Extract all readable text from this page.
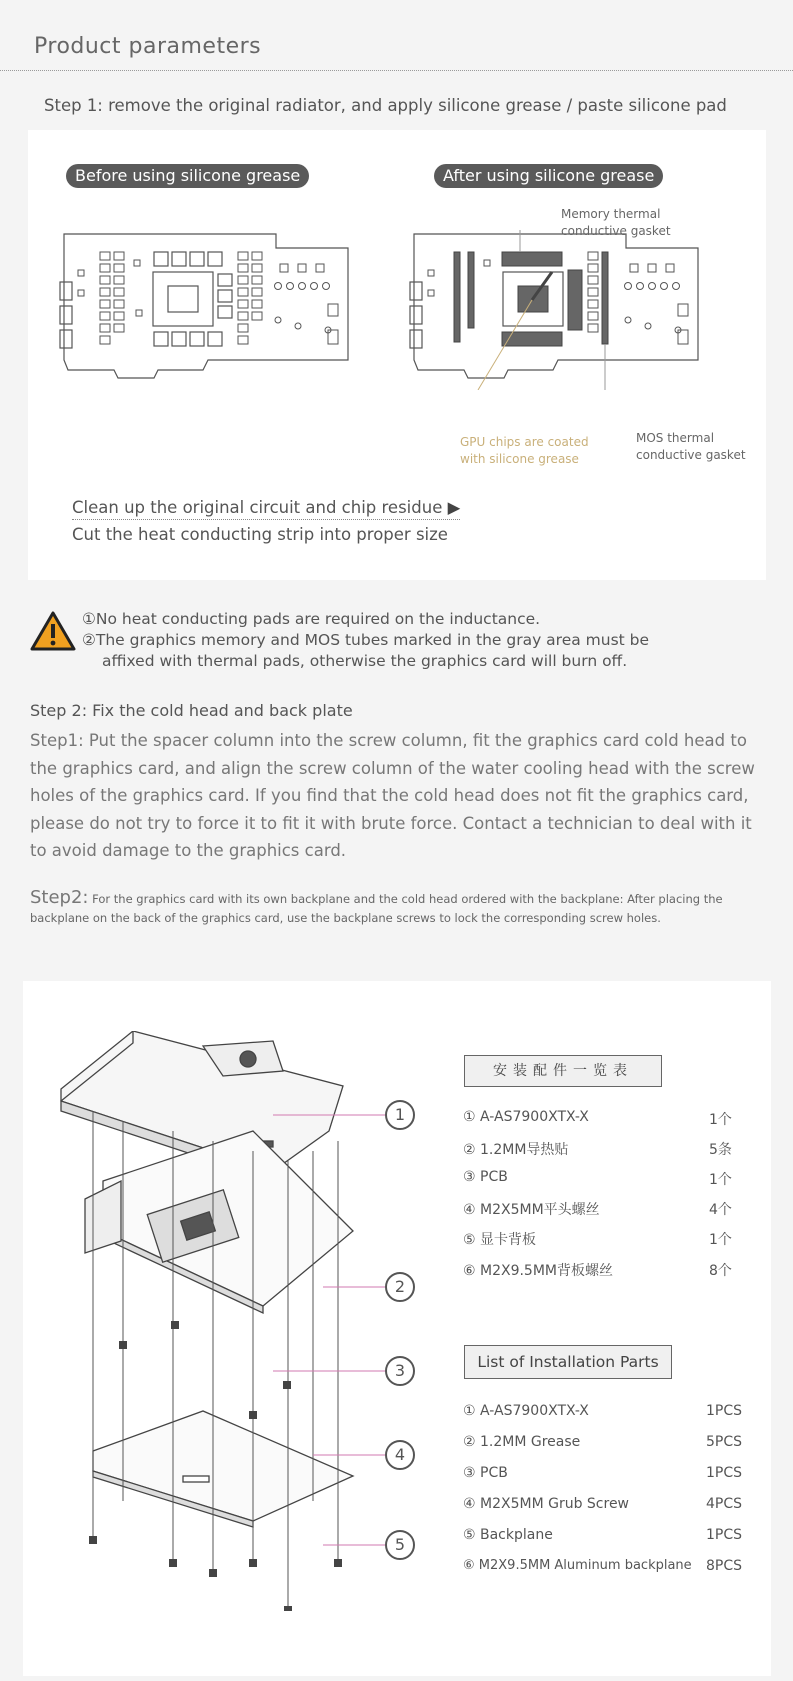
Product parameters
Step 1: remove the original radiator, and apply silicone grease / paste silicone pad
Before using silicone grease	After using silicone grease
Memory thermal
conductive gasket
GPU chips are coated
with silicone grease
MOS thermal
conductive gasket
Clean up the original circuit and chip residue ▶
Cut the heat conducting strip into proper size
①No heat conducting pads are required on the inductance.
②The graphics memory and MOS tubes marked in the gray area must be
affixed with thermal pads, otherwise the graphics card will burn off.
Step 2: Fix the cold head and back plate
Step1: Put the spacer column into the screw column, fit the graphics card cold head to the graphics card, and align the screw column of the water cooling head with the screw holes of the graphics card. If you find that the cold head does not fit the graphics card, please do not try to force it to fit it with brute force. Contact a technician to deal with it to avoid damage to the graphics card.
Step2: For the graphics card with its own backplane and the cold head ordered with the backplane: After placing the backplane on the back of the graphics card, use the backplane screws to lock the corresponding screw holes.
1
2
3
4
5
安装配件一览表
① A-AS7900XTX-X	1个
② 1.2MM导热贴	5条
③ PCB	1个
④ M2X5MM平头螺丝	4个
⑤ 显卡背板	1个
⑥ M2X9.5MM背板螺丝	8个
List of Installation Parts
① A-AS7900XTX-X	1PCS
② 1.2MM Grease	5PCS
③ PCB	1PCS
④ M2X5MM Grub Screw	4PCS
⑤ Backplane	1PCS
⑥ M2X9.5MM Aluminum backplane 8PCS
